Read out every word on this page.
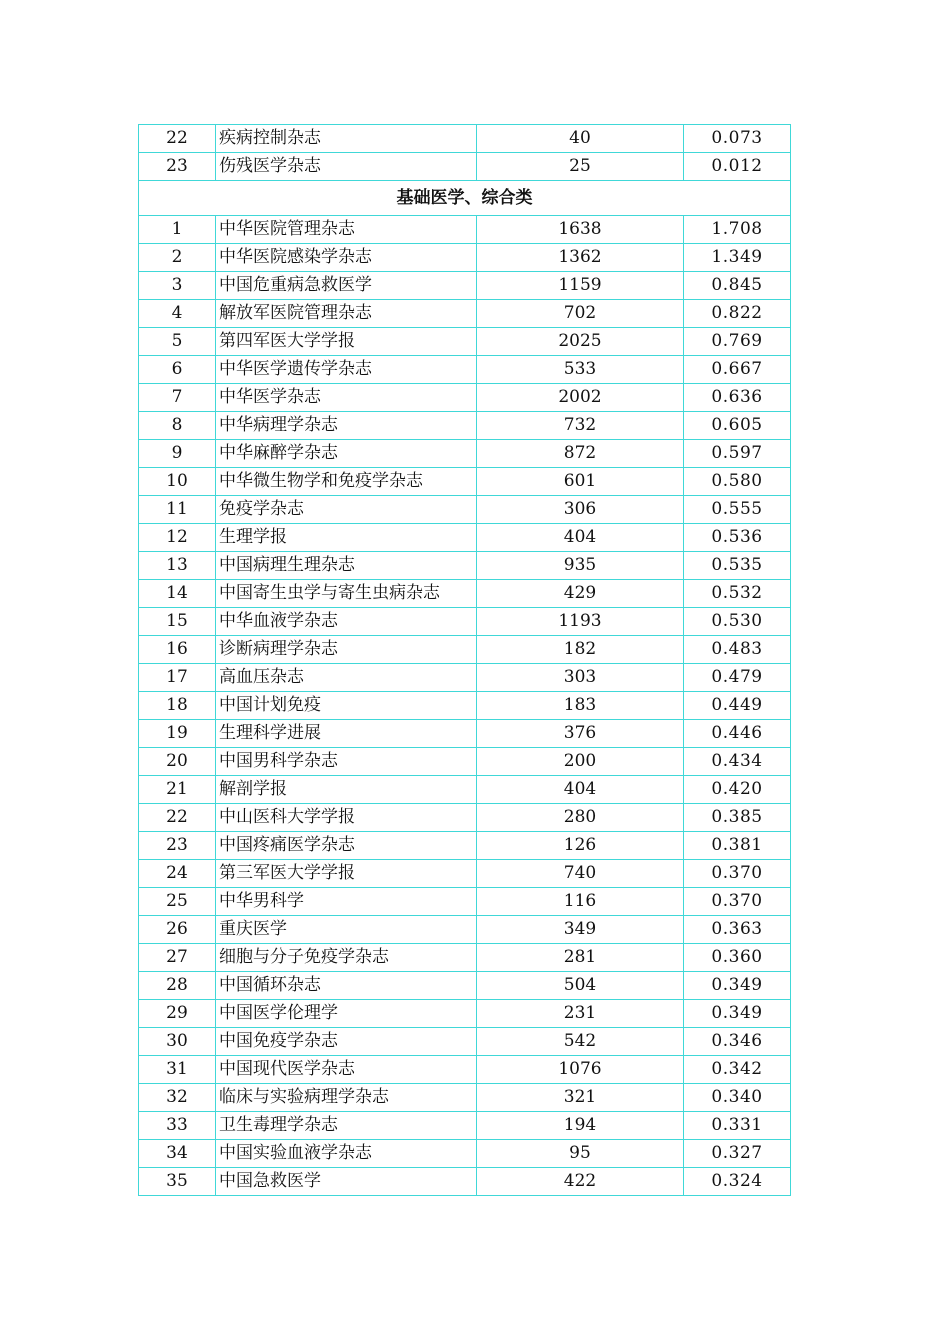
22	疾病控制杂志	40	0.073
23	伤残医学杂志	25	0.012
基础医学、综合类			
1	中华医院管理杂志	1638	1.708
2	中华医院感染学杂志	1362	1.349
3	中国危重病急救医学	1159	0.845
4	解放军医院管理杂志	702	0.822
5	第四军医大学学报	2025	0.769
6	中华医学遗传学杂志	533	0.667
7	中华医学杂志	2002	0.636
8	中华病理学杂志	732	0.605
9	中华麻醉学杂志	872	0.597
10	中华微生物学和免疫学杂志	601	0.580
11	免疫学杂志	306	0.555
12	生理学报	404	0.536
13	中国病理生理杂志	935	0.535
14	中国寄生虫学与寄生虫病杂志	429	0.532
15	中华血液学杂志	1193	0.530
16	诊断病理学杂志	182	0.483
17	高血压杂志	303	0.479
18	中国计划免疫	183	0.449
19	生理科学进展	376	0.446
20	中国男科学杂志	200	0.434
21	解剖学报	404	0.420
22	中山医科大学学报	280	0.385
23	中国疼痛医学杂志	126	0.381
24	第三军医大学学报	740	0.370
25	中华男科学	116	0.370
26	重庆医学	349	0.363
27	细胞与分子免疫学杂志	281	0.360
28	中国循环杂志	504	0.349
29	中国医学伦理学	231	0.349
30	中国免疫学杂志	542	0.346
31	中国现代医学杂志	1076	0.342
32	临床与实验病理学杂志	321	0.340
33	卫生毒理学杂志	194	0.331
34	中国实验血液学杂志	95	0.327
35	中国急救医学	422	0.324
